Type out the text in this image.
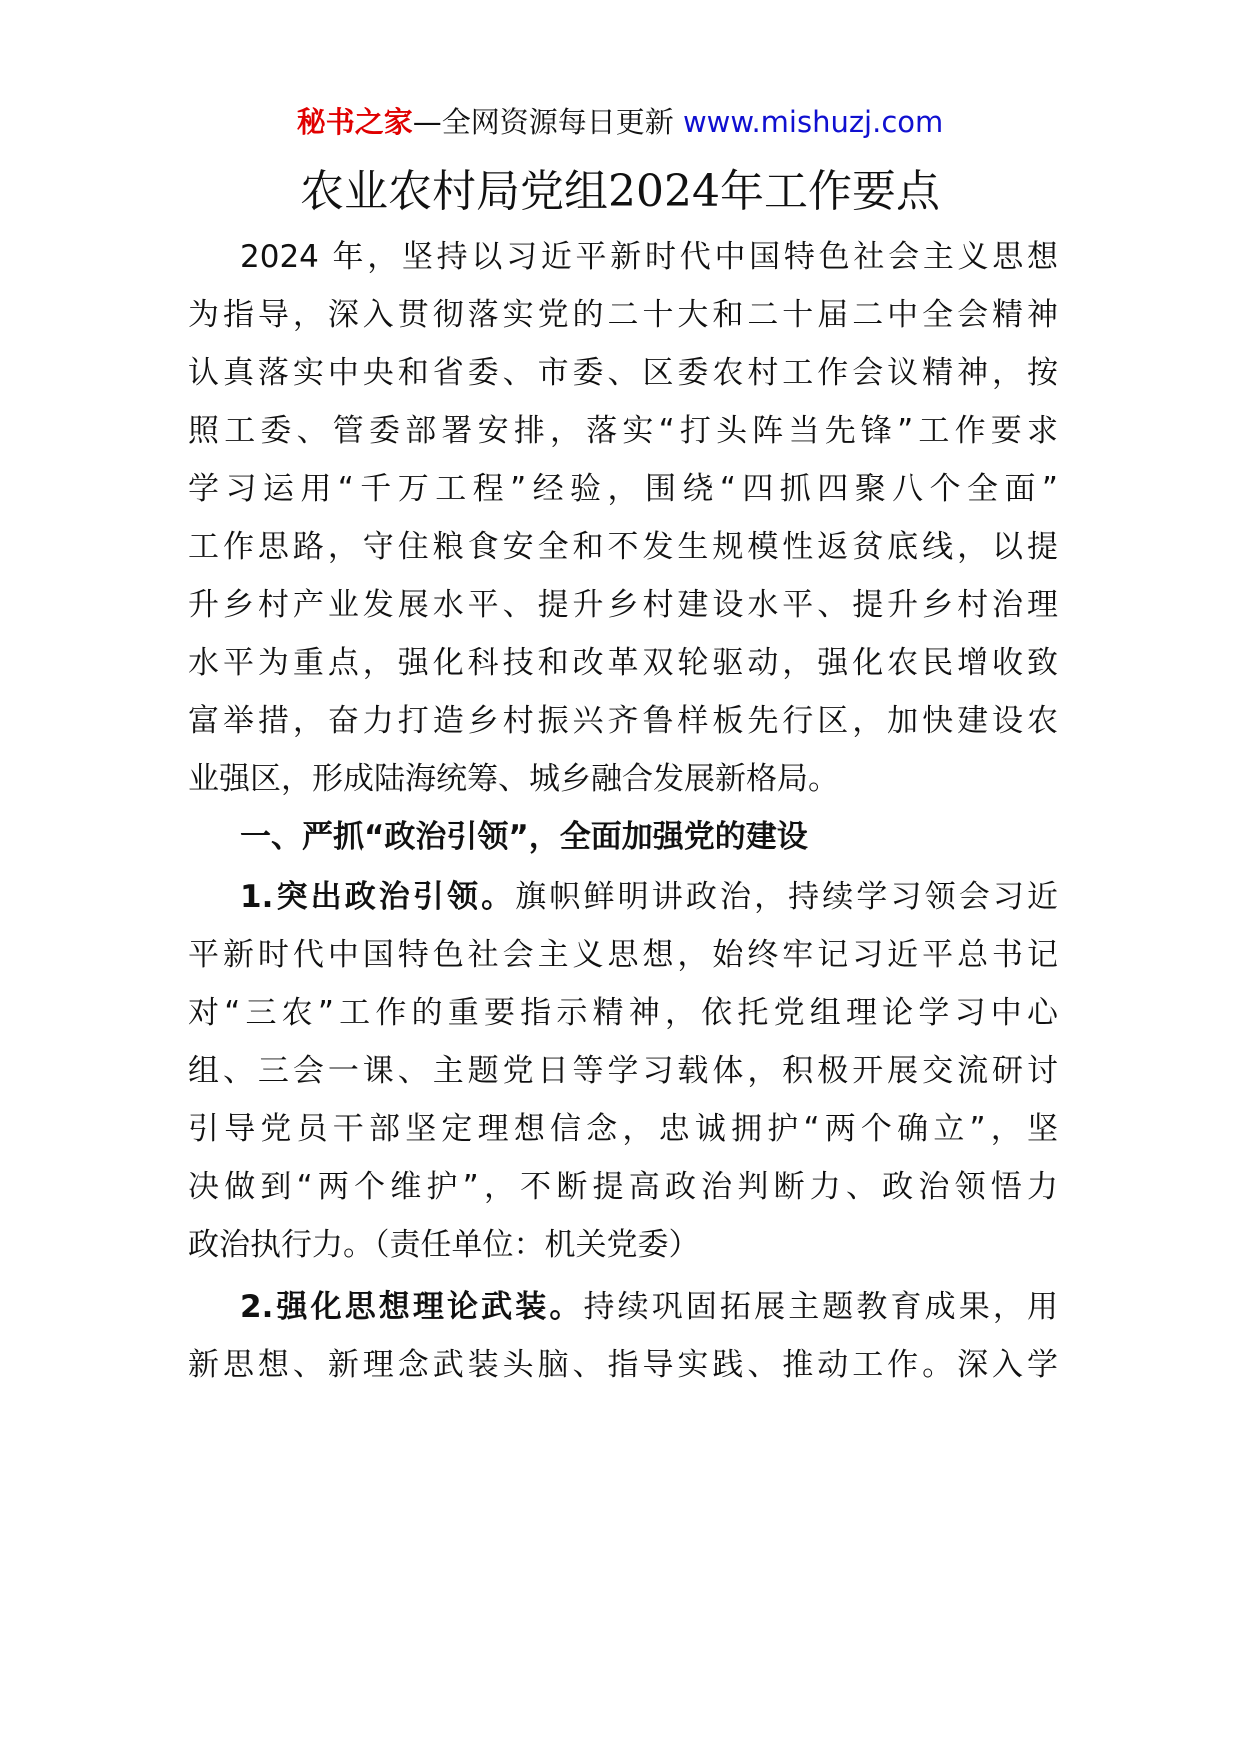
秘书之家—全网资源每日更新 www.mishuzj.com
农业农村局党组2024年工作要点
2024 年，坚持以习近平新时代中国特色社会主义思想
为指导，深入贯彻落实党的二十大和二十届二中全会精神
认真落实中央和省委、市委、区委农村工作会议精神，按
照工委、管委部署安排，落实“打头阵当先锋”工作要求
学习运用“千万工程”经验，围绕“四抓四聚八个全面”
工作思路，守住粮食安全和不发生规模性返贫底线，以提
升乡村产业发展水平、提升乡村建设水平、提升乡村治理
水平为重点，强化科技和改革双轮驱动，强化农民增收致
富举措，奋力打造乡村振兴齐鲁样板先行区，加快建设农
业强区，形成陆海统筹、城乡融合发展新格局。
一、严抓“政治引领”，全面加强党的建设
1.突出政治引领。旗帜鲜明讲政治，持续学习领会习近
平新时代中国特色社会主义思想，始终牢记习近平总书记
对“三农”工作的重要指示精神，依托党组理论学习中心
组、三会一课、主题党日等学习载体，积极开展交流研讨
引导党员干部坚定理想信念，忠诚拥护“两个确立”，坚
决做到“两个维护”，不断提高政治判断力、政治领悟力
政治执行力。（责任单位：机关党委）
2.强化思想理论武装。持续巩固拓展主题教育成果，用
新思想、新理念武装头脑、指导实践、推动工作。深入学
